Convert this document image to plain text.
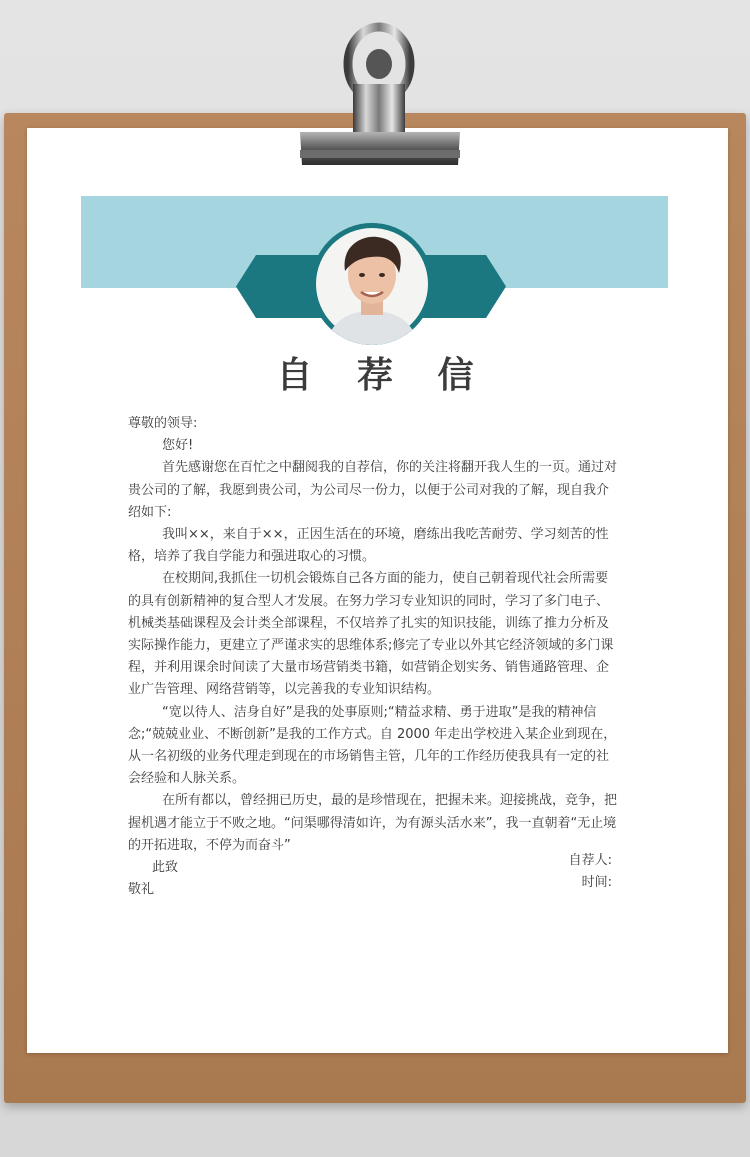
自 荐 信

尊敬的领导:

您好!

首先感谢您在百忙之中翻阅我的自荐信，你的关注将翻开我人生的一页。通过对贵公司的了解，我愿到贵公司，为公司尽一份力，以便于公司对我的了解，现自我介绍如下:

我叫××，来自于××，正因生活在的环境，磨练出我吃苦耐劳、学习刻苦的性格，培养了我自学能力和强进取心的习惯。

在校期间,我抓住一切机会锻炼自己各方面的能力，使自己朝着现代社会所需要的具有创新精神的复合型人才发展。在努力学习专业知识的同时，学习了多门电子、机械类基础课程及会计类全部课程，不仅培养了扎实的知识技能，训练了推力分析及实际操作能力，更建立了严谨求实的思维体系;修完了专业以外其它经济领域的多门课程，并利用课余时间读了大量市场营销类书籍，如营销企划实务、销售通路管理、企业广告管理、网络营销等，以完善我的专业知识结构。

“宽以待人、洁身自好”是我的处事原则;“精益求精、勇于进取”是我的精神信念;“兢兢业业、不断创新”是我的工作方式。自 2000 年走出学校进入某企业到现在，从一名初级的业务代理走到现在的市场销售主管，几年的工作经历使我具有一定的社会经验和人脉关系。

在所有都以，曾经拥已历史，最的是珍惜现在，把握未来。迎接挑战，竞争，把握机遇才能立于不败之地。“问渠哪得清如许，为有源头活水来”，我一直朝着“无止境的开拓进取，不停为而奋斗”

此致

敬礼

自荐人:
时间:
